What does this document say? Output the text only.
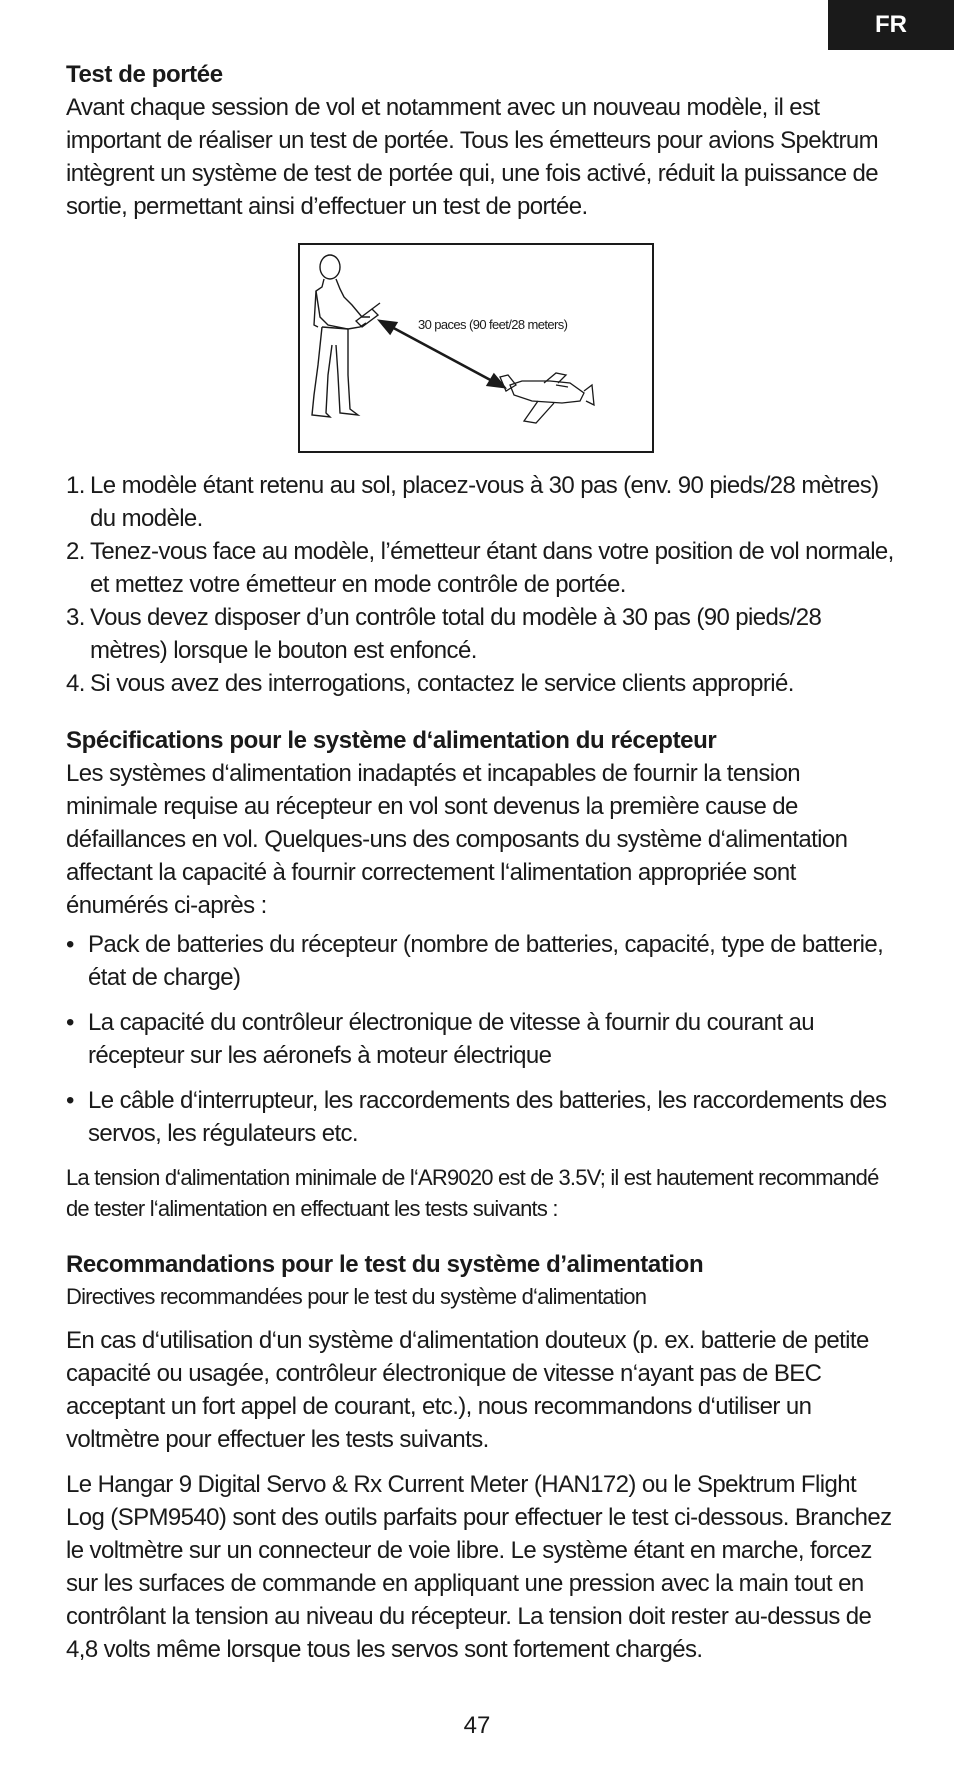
FR
Test de portée

Avant chaque session de vol et notamment avec un nouveau modèle, il est important de réaliser un test de portée. Tous les émetteurs pour avions Spektrum intègrent un système de test de portée qui, une fois activé, réduit la puissance de sortie, permettant ainsi d’effectuer un test de portée.

30 paces (90 feet/28 meters)
1. Le modèle étant retenu au sol, placez-vous à 30 pas (env. 90 pieds/28 mètres) du modèle.
2. Tenez-vous face au modèle, l’émetteur étant dans votre position de vol normale, et mettez votre émetteur en mode contrôle de portée.
3. Vous devez disposer d’un contrôle total du modèle à 30 pas (90 pieds/28 mètres) lorsque le bouton est enfoncé.
4. Si vous avez des interrogations, contactez le service clients approprié.
Spécifications pour le système d‘alimentation du récepteur

Les systèmes d‘alimentation inadaptés et incapables de fournir la tension minimale requise au récepteur en vol sont devenus la première cause de défaillances en vol. Quelques-uns des composants du système d‘alimentation affectant la capacité à fournir correctement l‘alimentation appropriée sont énumérés ci-après :

• Pack de batteries du récepteur (nombre de batteries, capacité, type de batterie, état de charge)
• La capacité du contrôleur électronique de vitesse à fournir du courant au récepteur sur les aéronefs à moteur électrique
• Le câble d‘interrupteur, les raccordements des batteries, les raccordements des servos, les régulateurs etc.

La tension d‘alimentation minimale de l‘AR9020 est de 3.5V; il est hautement recommandé de tester l‘alimentation en effectuant les tests suivants :

Recommandations pour le test du système d’alimentation

Directives recommandées pour le test du système d‘alimentation

En cas d‘utilisation d‘un système d‘alimentation douteux (p. ex. batterie de petite capacité ou usagée, contrôleur électronique de vitesse n‘ayant pas de BEC acceptant un fort appel de courant, etc.), nous recommandons d‘utiliser un voltmètre pour effectuer les tests suivants.

Le Hangar 9 Digital Servo & Rx Current Meter (HAN172) ou le Spektrum Flight Log (SPM9540) sont des outils parfaits pour effectuer le test ci-dessous. Branchez le voltmètre sur un connecteur de voie libre. Le système étant en marche, forcez sur les surfaces de commande en appliquant une pression avec la main tout en contrôlant la tension au niveau du récepteur. La tension doit rester au-dessus de 4,8 volts même lorsque tous les servos sont fortement chargés.

47
